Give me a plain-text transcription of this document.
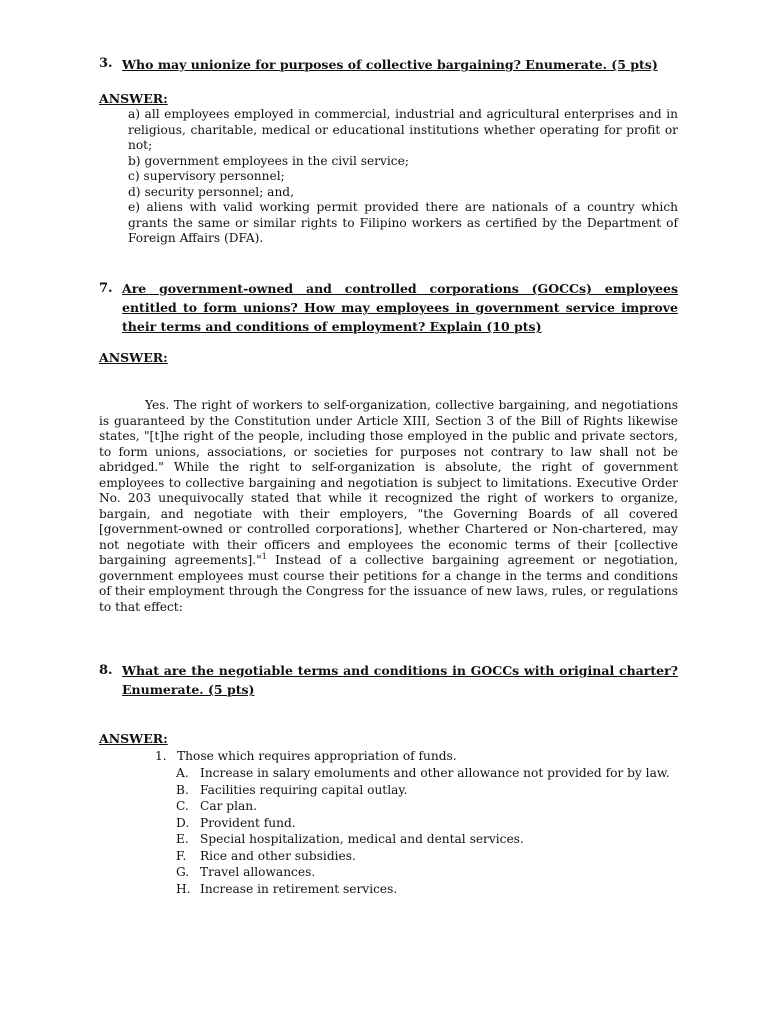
3. Who may unionize for purposes of collective bargaining? Enumerate. (5 pts)
ANSWER:
a) all employees employed in commercial, industrial and agricultural enterprises and in religious, charitable, medical or educational institutions whether operating for profit or not;
b) government employees in the civil service;
c) supervisory personnel;
d) security personnel; and,
e) aliens with valid working permit provided there are nationals of a country which grants the same or similar rights to Filipino workers as certified by the Department of Foreign Affairs (DFA).
7. Are government-owned and controlled corporations (GOCCs) employees entitled to form unions? How may employees in government service improve their terms and conditions of employment? Explain (10 pts)
ANSWER:
Yes. The right of workers to self-organization, collective bargaining, and negotiations is guaranteed by the Constitution under Article XIII, Section 3 of the Bill of Rights likewise states, "[t]he right of the people, including those employed in the public and private sectors, to form unions, associations, or societies for purposes not contrary to law shall not be abridged." While the right to self-organization is absolute, the right of government employees to collective bargaining and negotiation is subject to limitations. Executive Order No. 203 unequivocally stated that while it recognized the right of workers to organize, bargain, and negotiate with their employers, "the Governing Boards of all covered [government-owned or controlled corporations], whether Chartered or Non-chartered, may not negotiate with their officers and employees the economic terms of their [collective bargaining agreements]."$^1$ Instead of a collective bargaining agreement or negotiation, government employees must course their petitions for a change in the terms and conditions of their employment through the Congress for the issuance of new laws, rules, or regulations to that effect:
8. What are the negotiable terms and conditions in GOCCs with original charter? Enumerate. (5 pts)
ANSWER:
1. Those which requires appropriation of funds.
A. Increase in salary emoluments and other allowance not provided for by law.
B. Facilities requiring capital outlay.
C. Car plan.
D. Provident fund.
E. Special hospitalization, medical and dental services.
F.	Rice and other subsidies.
G. Travel allowances.
H. Increase in retirement services.
